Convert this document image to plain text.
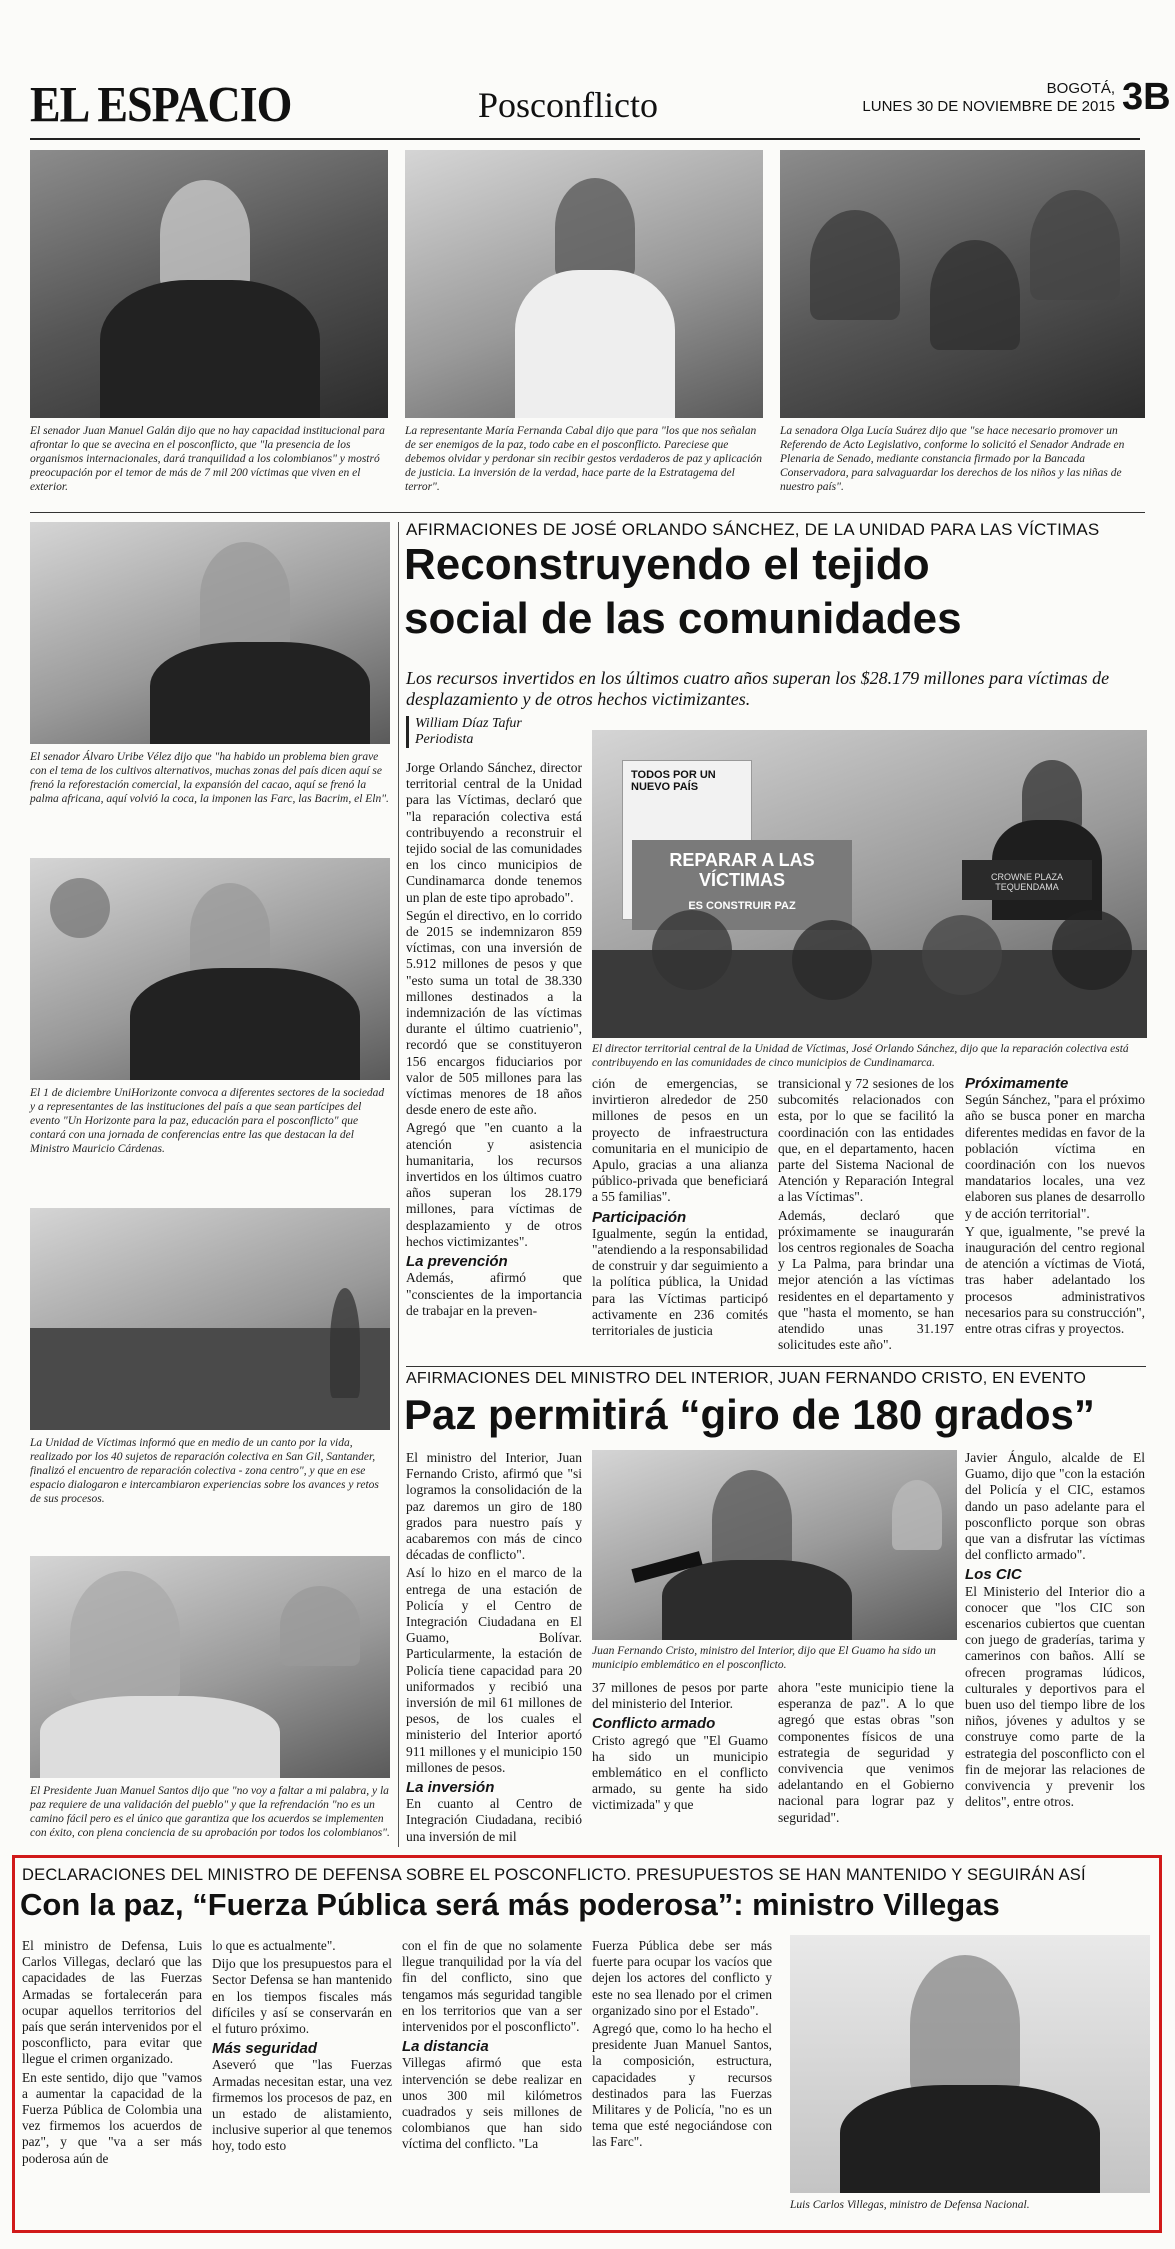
EL ESPACIO	Posconflicto	BOGOTÁ,
LUNES 30 DE NOVIEMBRE DE 2015 3B
El senador Juan Manuel Galán dijo que no hay capacidad institucional para afrontar lo que se avecina en el posconflicto, que "la presencia de los organismos internacionales, dará tranquilidad a los colombianos" y mostró preocupación por el temor de más de 7 mil 200 víctimas que viven en el exterior.
La representante María Fernanda Cabal dijo que para "los que nos señalan de ser enemigos de la paz, todo cabe en el posconflicto. Pareciese que debemos olvidar y perdonar sin recibir gestos verdaderos de paz y aplicación de justicia. La inversión de la verdad, hace parte de la Estratagema del terror".
La senadora Olga Lucía Suárez dijo que "se hace necesario promover un Referendo de Acto Legislativo, conforme lo solicitó el Senador Andrade en Plenaria de Senado, mediante constancia firmado por la Bancada Conservadora, para salvaguardar los derechos de los niños y las niñas de nuestro país".
El senador Álvaro Uribe Vélez dijo que "ha habido un problema bien grave con el tema de los cultivos alternativos, muchas zonas del país dicen aquí se frenó la reforestación comercial, la expansión del cacao, aquí se frenó la palma africana, aquí volvió la coca, la imponen las Farc, las Bacrim, el Eln".
El 1 de diciembre UniHorizonte convoca a diferentes sectores de la sociedad y a representantes de las instituciones del país a que sean partícipes del evento "Un Horizonte para la paz, educación para el posconflicto" que contará con una jornada de conferencias entre las que destacan la del Ministro Mauricio Cárdenas.
La Unidad de Víctimas informó que en medio de un canto por la vida, realizado por los 40 sujetos de reparación colectiva en San Gil, Santander, finalizó el encuentro de reparación colectiva - zona centro", y que en ese espacio dialogaron e intercambiaron experiencias sobre los avances y retos de sus procesos.
El Presidente Juan Manuel Santos dijo que "no voy a faltar a mi palabra, y la paz requiere de una validación del pueblo" y que la refrendación "no es un camino fácil pero es el único que garantiza que los acuerdos se implementen con éxito, con plena conciencia de su aprobación por todos los colombianos".
AFIRMACIONES DE JOSÉ ORLANDO SÁNCHEZ, DE LA UNIDAD PARA LAS VÍCTIMAS
Reconstruyendo el tejido
social de las comunidades
Los recursos invertidos en los últimos cuatro años superan los $28.179 millones para víctimas de desplazamiento y de otros hechos victimizantes.
William Díaz Tafur
Periodista

Jorge Orlando Sánchez, director territorial central de la Unidad para las Víctimas, declaró que "la reparación colectiva está contribuyendo a reconstruir el tejido social de las comunidades en los cinco municipios de Cundinamarca donde tenemos un plan de este tipo aprobado".

Según el directivo, en lo corrido de 2015 se indemnizaron 859 víctimas, con una inversión de 5.912 millones de pesos y que "esto suma un total de 38.330 millones destinados a la indemnización de las víctimas durante el último cuatrienio", recordó que se constituyeron 156 encargos fiduciarios por valor de 505 millones para las víctimas menores de 18 años desde enero de este año.

Agregó que "en cuanto a la atención y asistencia humanitaria, los recursos invertidos en los últimos cuatro años superan los 28.179 millones, para víctimas de desplazamiento y de otros hechos victimizantes".

La prevención

Además, afirmó que "conscientes de la importancia de trabajar en la preven-

TODOS POR UN NUEVO PAÍS
REPARAR A LAS VÍCTIMAS
ES CONSTRUIR PAZ
CROWNE PLAZA TEQUENDAMA
El director territorial central de la Unidad de Víctimas, José Orlando Sánchez, dijo que la reparación colectiva está contribuyendo en las comunidades de cinco municipios de Cundinamarca.

ción de emergencias, se invirtieron alrededor de 250 millones de pesos en un proyecto de infraestructura comunitaria en el municipio de Apulo, gracias a una alianza público-privada que beneficiará a 55 familias".

Participación

Igualmente, según la entidad, "atendiendo a la responsabilidad de construir y dar seguimiento a la política pública, la Unidad para las Víctimas participó activamente en 236 comités territoriales de justicia

transicional y 72 sesiones de los subcomités relacionados con esta, por lo que se facilitó la coordinación con las entidades que, en el departamento, hacen parte del Sistema Nacional de Atención y Reparación Integral a las Víctimas".

Además, declaró que próximamente se inaugurarán los centros regionales de Soacha y La Palma, para brindar una mejor atención a las víctimas residentes en el departamento y que "hasta el momento, se han atendido unas 31.197 solicitudes este año".

Próximamente

Según Sánchez, "para el próximo año se busca poner en marcha diferentes medidas en favor de la población víctima en coordinación con los nuevos mandatarios locales, una vez elaboren sus planes de desarrollo y de acción territorial".

Y que, igualmente, "se prevé la inauguración del centro regional de atención a víctimas de Viotá, tras haber adelantado los procesos administrativos necesarios para su construcción", entre otras cifras y proyectos.

AFIRMACIONES DEL MINISTRO DEL INTERIOR, JUAN FERNANDO CRISTO, EN EVENTO
Paz permitirá “giro de 180 grados”

El ministro del Interior, Juan Fernando Cristo, afirmó que "si logramos la consolidación de la paz daremos un giro de 180 grados para nuestro país y acabaremos con más de cinco décadas de conflicto".

Así lo hizo en el marco de la entrega de una estación de Policía y el Centro de Integración Ciudadana en El Guamo, Bolívar. Particularmente, la estación de Policía tiene capacidad para 20 uniformados y recibió una inversión de mil 61 millones de pesos, de los cuales el ministerio del Interior aportó 911 millones y el municipio 150 millones de pesos.

La inversión

En cuanto al Centro de Integración Ciudadana, recibió una inversión de mil

Juan Fernando Cristo, ministro del Interior, dijo que El Guamo ha sido un municipio emblemático en el posconflicto.

37 millones de pesos por parte del ministerio del Interior.

Conflicto armado

Cristo agregó que "El Guamo ha sido un municipio emblemático en el conflicto armado, su gente ha sido victimizada" y que

ahora "este municipio tiene la esperanza de paz". A lo que agregó que estas obras "son componentes físicos de una estrategia de seguridad y convivencia que venimos adelantando en el Gobierno nacional para lograr paz y seguridad".

Javier Ángulo, alcalde de El Guamo, dijo que "con la estación del Policía y el CIC, estamos dando un paso adelante para el posconflicto porque son obras que van a disfrutar las víctimas del conflicto armado".

Los CIC

El Ministerio del Interior dio a conocer que "los CIC son escenarios cubiertos que cuentan con juego de graderías, tarima y camerinos con baños. Allí se ofrecen programas lúdicos, culturales y deportivos para el buen uso del tiempo libre de los niños, jóvenes y adultos y se construye como parte de la estrategia del posconflicto con el fin de mejorar las relaciones de convivencia y prevenir los delitos", entre otros.

DECLARACIONES DEL MINISTRO DE DEFENSA SOBRE EL POSCONFLICTO. PRESUPUESTOS SE HAN MANTENIDO Y SEGUIRÁN ASÍ
Con la paz, “Fuerza Pública será más poderosa”: ministro Villegas

El ministro de Defensa, Luis Carlos Villegas, declaró que las capacidades de las Fuerzas Armadas se fortalecerán para ocupar aquellos territorios del país que serán intervenidos por el posconflicto, para evitar que llegue el crimen organizado.

En este sentido, dijo que "vamos a aumentar la capacidad de la Fuerza Pública de Colombia una vez firmemos los acuerdos de paz", y que "va a ser más poderosa aún de

lo que es actualmente".

Dijo que los presupuestos para el Sector Defensa se han mantenido en los tiempos fiscales más difíciles y así se conservarán en el futuro próximo.

Más seguridad

Aseveró que "las Fuerzas Armadas necesitan estar, una vez firmemos los procesos de paz, en un estado de alistamiento, inclusive superior al que tenemos hoy, todo esto

con el fin de que no solamente llegue tranquilidad por la vía del fin del conflicto, sino que tengamos más seguridad tangible en los territorios que van a ser intervenidos por el posconflicto".

La distancia

Villegas afirmó que esta intervención se debe realizar en unos 300 mil kilómetros cuadrados y seis millones de colombianos que han sido víctima del conflicto. "La

Fuerza Pública debe ser más fuerte para ocupar los vacíos que dejen los actores del conflicto y este no sea llenado por el crimen organizado sino por el Estado".

Agregó que, como lo ha hecho el presidente Juan Manuel Santos, la composición, estructura, capacidades y recursos destinados para las Fuerzas Militares y de Policía, "no es un tema que esté negociándose con las Farc".

Luis Carlos Villegas, ministro de Defensa Nacional.
